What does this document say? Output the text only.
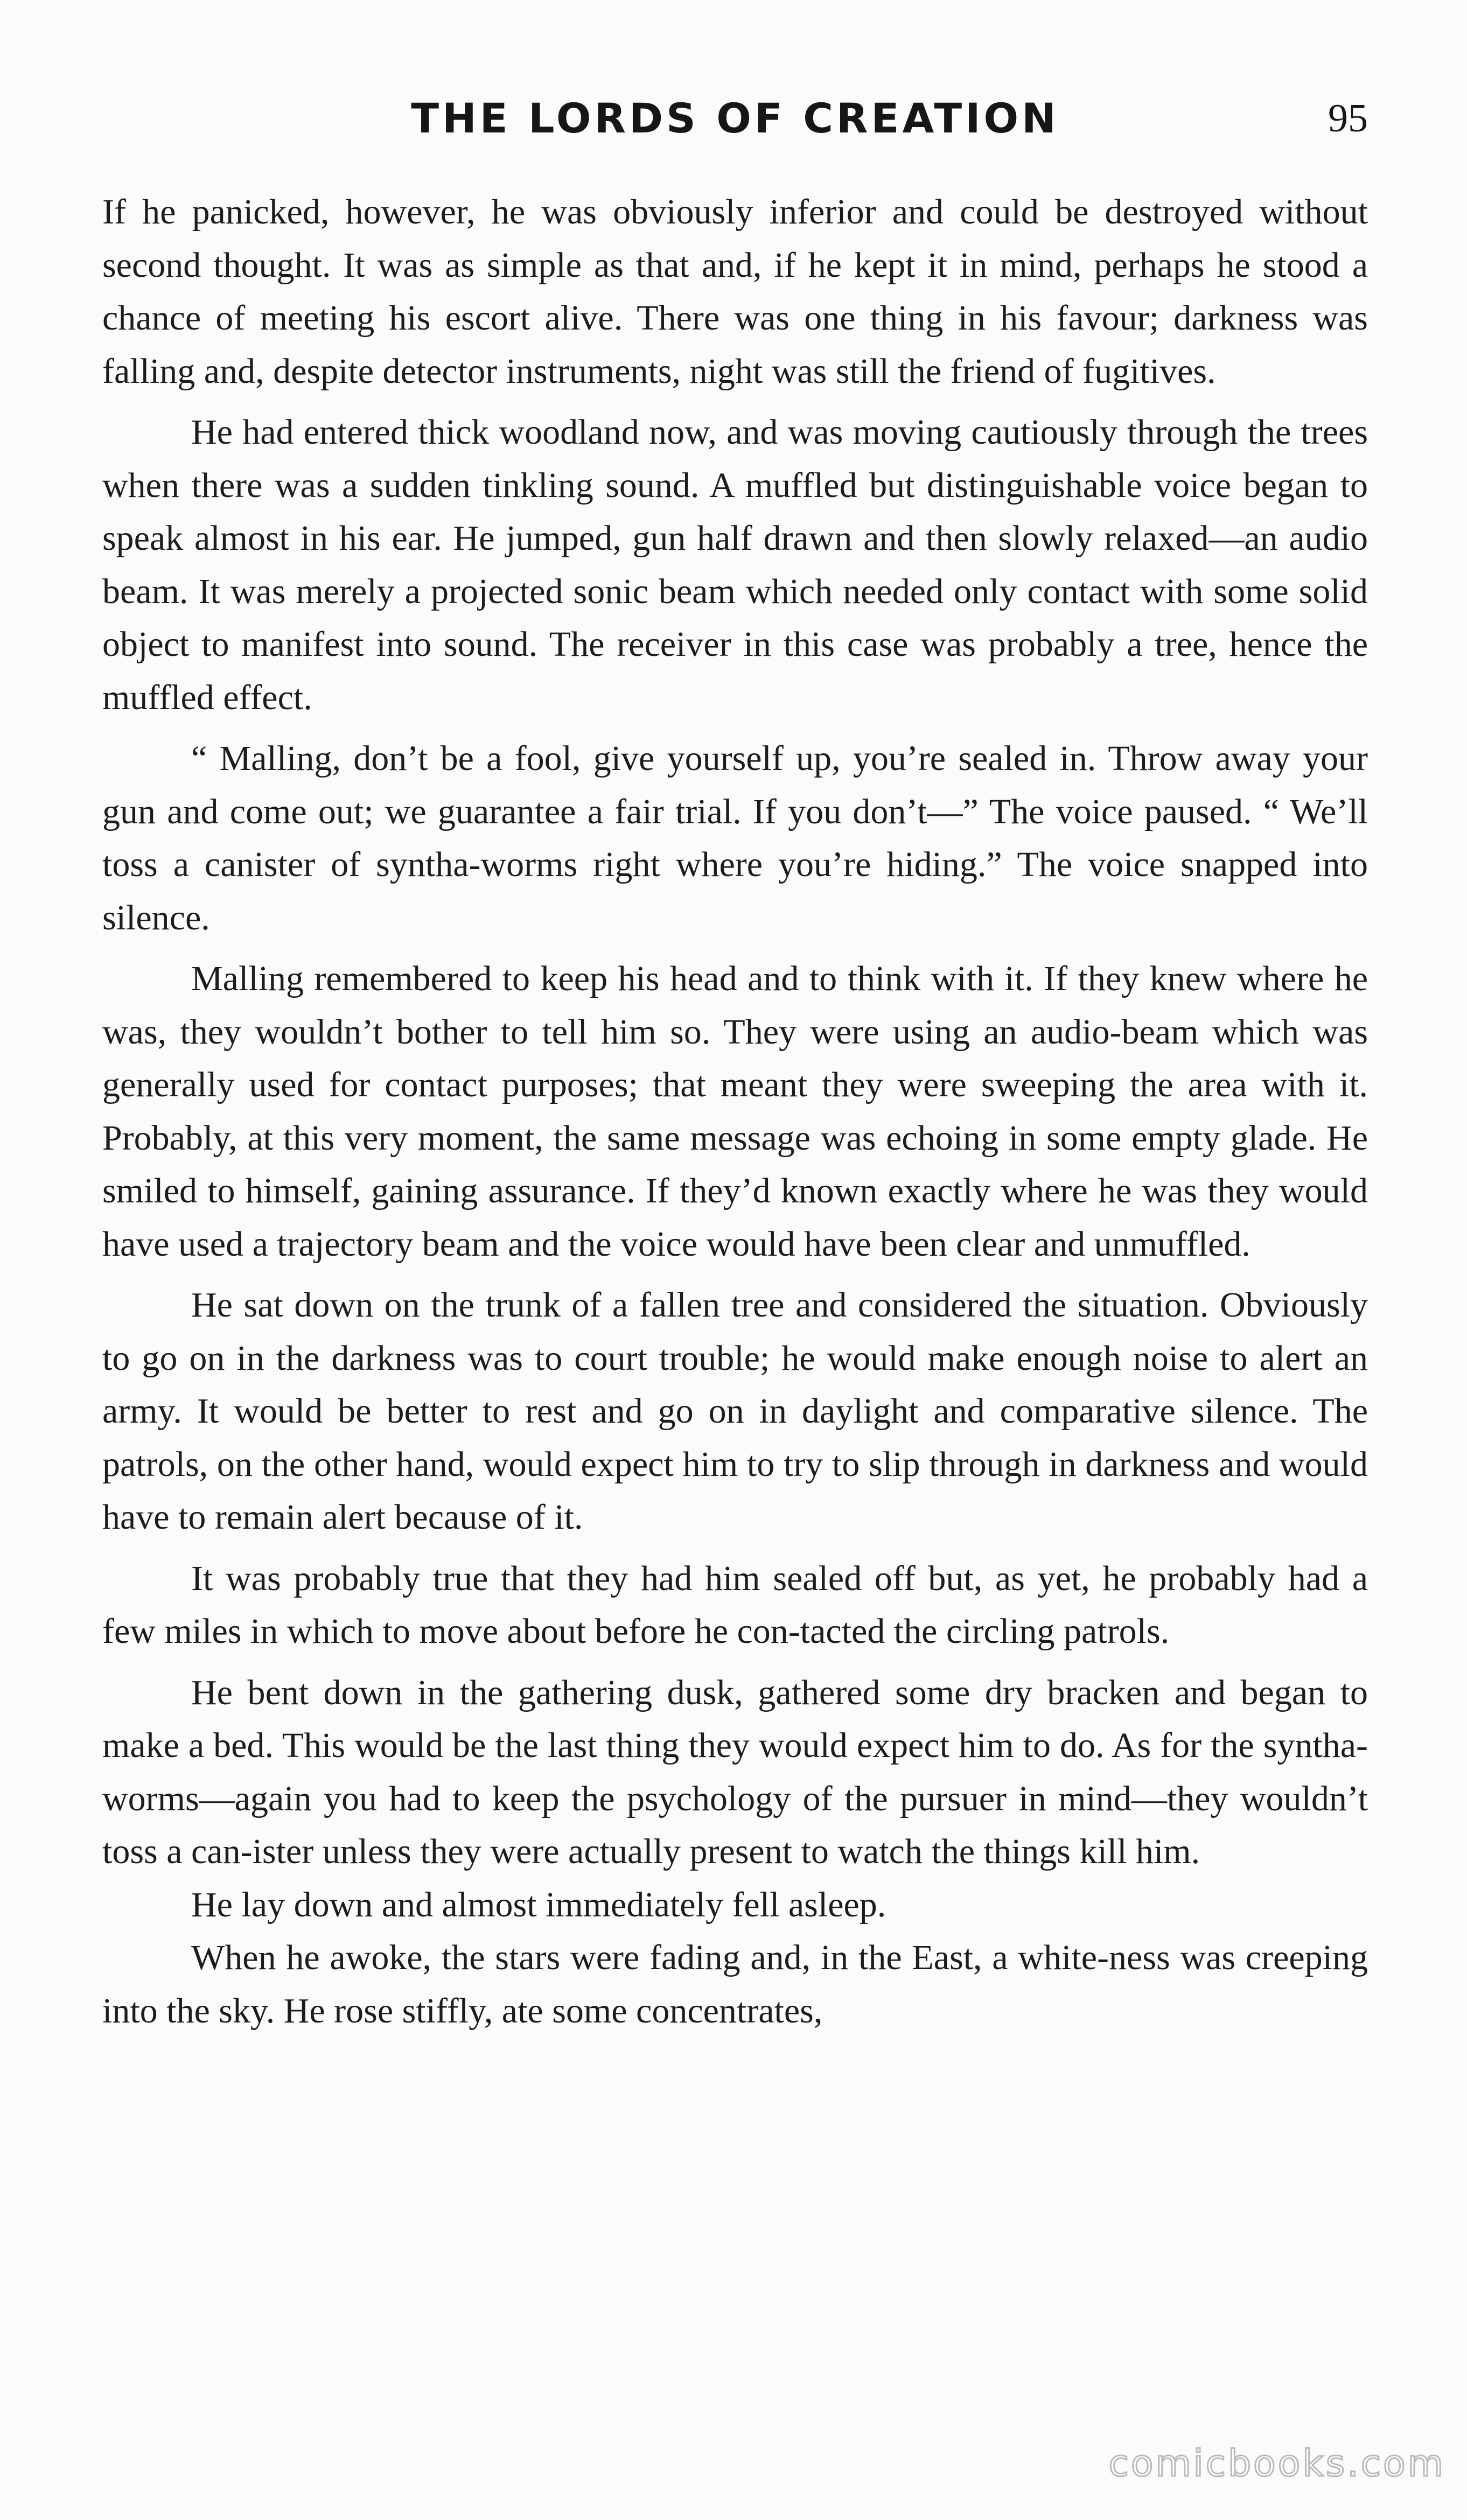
THE LORDS OF CREATION	95

If he panicked, however, he was obviously inferior and could be destroyed without second thought. It was as simple as that and, if he kept it in mind, perhaps he stood a chance of meeting his escort alive. There was one thing in his favour; darkness was falling and, despite detector instruments, night was still the friend of fugitives.

He had entered thick woodland now, and was moving cautiously through the trees when there was a sudden tinkling sound. A muffled but distinguishable voice began to speak almost in his ear. He jumped, gun half drawn and then slowly relaxed—an audio beam. It was merely a projected sonic beam which needed only contact with some solid object to manifest into sound. The receiver in this case was probably a tree, hence the muffled effect.

“ Malling, don’t be a fool, give yourself up, you’re sealed in. Throw away your gun and come out; we guarantee a fair trial. If you don’t—” The voice paused. “ We’ll toss a canister of syntha-worms right where you’re hiding.” The voice snapped into silence.

Malling remembered to keep his head and to think with it. If they knew where he was, they wouldn’t bother to tell him so. They were using an audio-beam which was generally used for contact purposes; that meant they were sweeping the area with it. Probably, at this very moment, the same message was echoing in some empty glade. He smiled to himself, gaining assurance. If they’d known exactly where he was they would have used a trajectory beam and the voice would have been clear and unmuffled.

He sat down on the trunk of a fallen tree and considered the situation. Obviously to go on in the darkness was to court trouble; he would make enough noise to alert an army. It would be better to rest and go on in daylight and comparative silence. The patrols, on the other hand, would expect him to try to slip through in darkness and would have to remain alert because of it.

It was probably true that they had him sealed off but, as yet, he probably had a few miles in which to move about before he con-tacted the circling patrols.

He bent down in the gathering dusk, gathered some dry bracken and began to make a bed. This would be the last thing they would expect him to do. As for the syntha-worms—again you had to keep the psychology of the pursuer in mind—they wouldn’t toss a can-ister unless they were actually present to watch the things kill him.

He lay down and almost immediately fell asleep.

When he awoke, the stars were fading and, in the East, a white-ness was creeping into the sky. He rose stiffly, ate some concentrates,

comicbooks.com
